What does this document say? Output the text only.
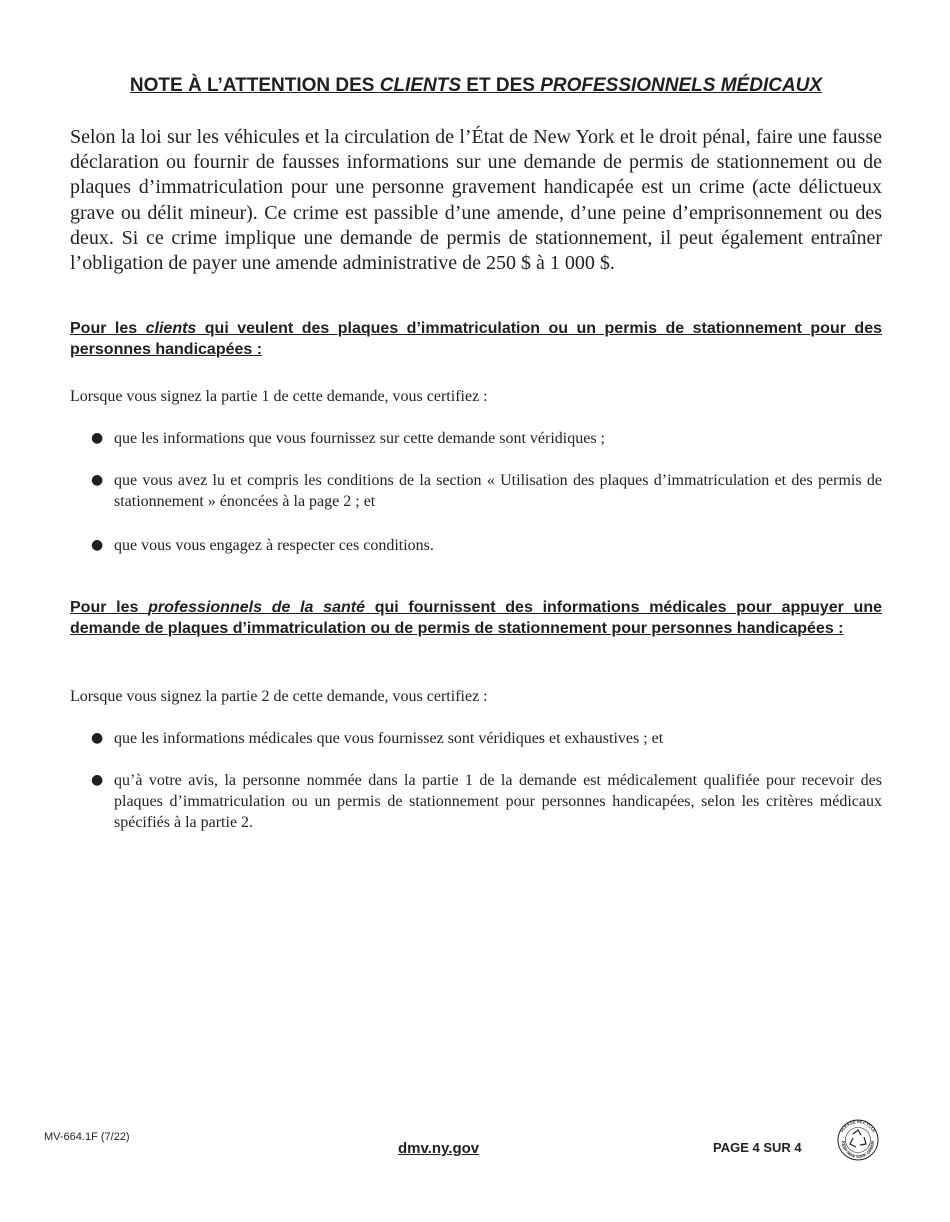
NOTE À L’ATTENTION DES CLIENTS ET DES PROFESSIONNELS MÉDICAUX

Selon la loi sur les véhicules et la circulation de l’État de New York et le droit pénal, faire une fausse déclaration ou fournir de fausses informations sur une demande de permis de stationnement ou de plaques d’immatriculation pour une personne gravement handicapée est un crime (acte délictueux grave ou délit mineur). Ce crime est passible d’une amende, d’une peine d’emprisonnement ou des deux. Si ce crime implique une demande de permis de stationnement, il peut également entraîner l’obligation de payer une amende administrative de 250 $ à 1 000 $.

Pour les clients qui veulent des plaques d’immatriculation ou un permis de stationnement pour des personnes handicapées :

Lorsque vous signez la partie 1 de cette demande, vous certifiez :

● que les informations que vous fournissez sur cette demande sont véridiques ;
● que vous avez lu et compris les conditions de la section « Utilisation des plaques d’immatriculation et des permis de stationnement » énoncées à la page 2 ; et
● que vous vous engagez à respecter ces conditions.

Pour les professionnels de la santé qui fournissent des informations médicales pour appuyer une demande de plaques d’immatriculation ou de permis de stationnement pour personnes handicapées :

Lorsque vous signez la partie 2 de cette demande, vous certifiez :

● que les informations médicales que vous fournissez sont véridiques et exhaustives ; et
● qu’à votre avis, la personne nommée dans la partie 1 de la demande est médicalement qualifiée pour recevoir des plaques d’immatriculation ou un permis de stationnement pour personnes handicapées, selon les critères médicaux spécifiés à la partie 2.
MV-664.1F (7/22)
dmv.ny.gov	PAGE 4 SUR 4
PLEASE RECYCLE
KEEP NEW YORK GREEN
